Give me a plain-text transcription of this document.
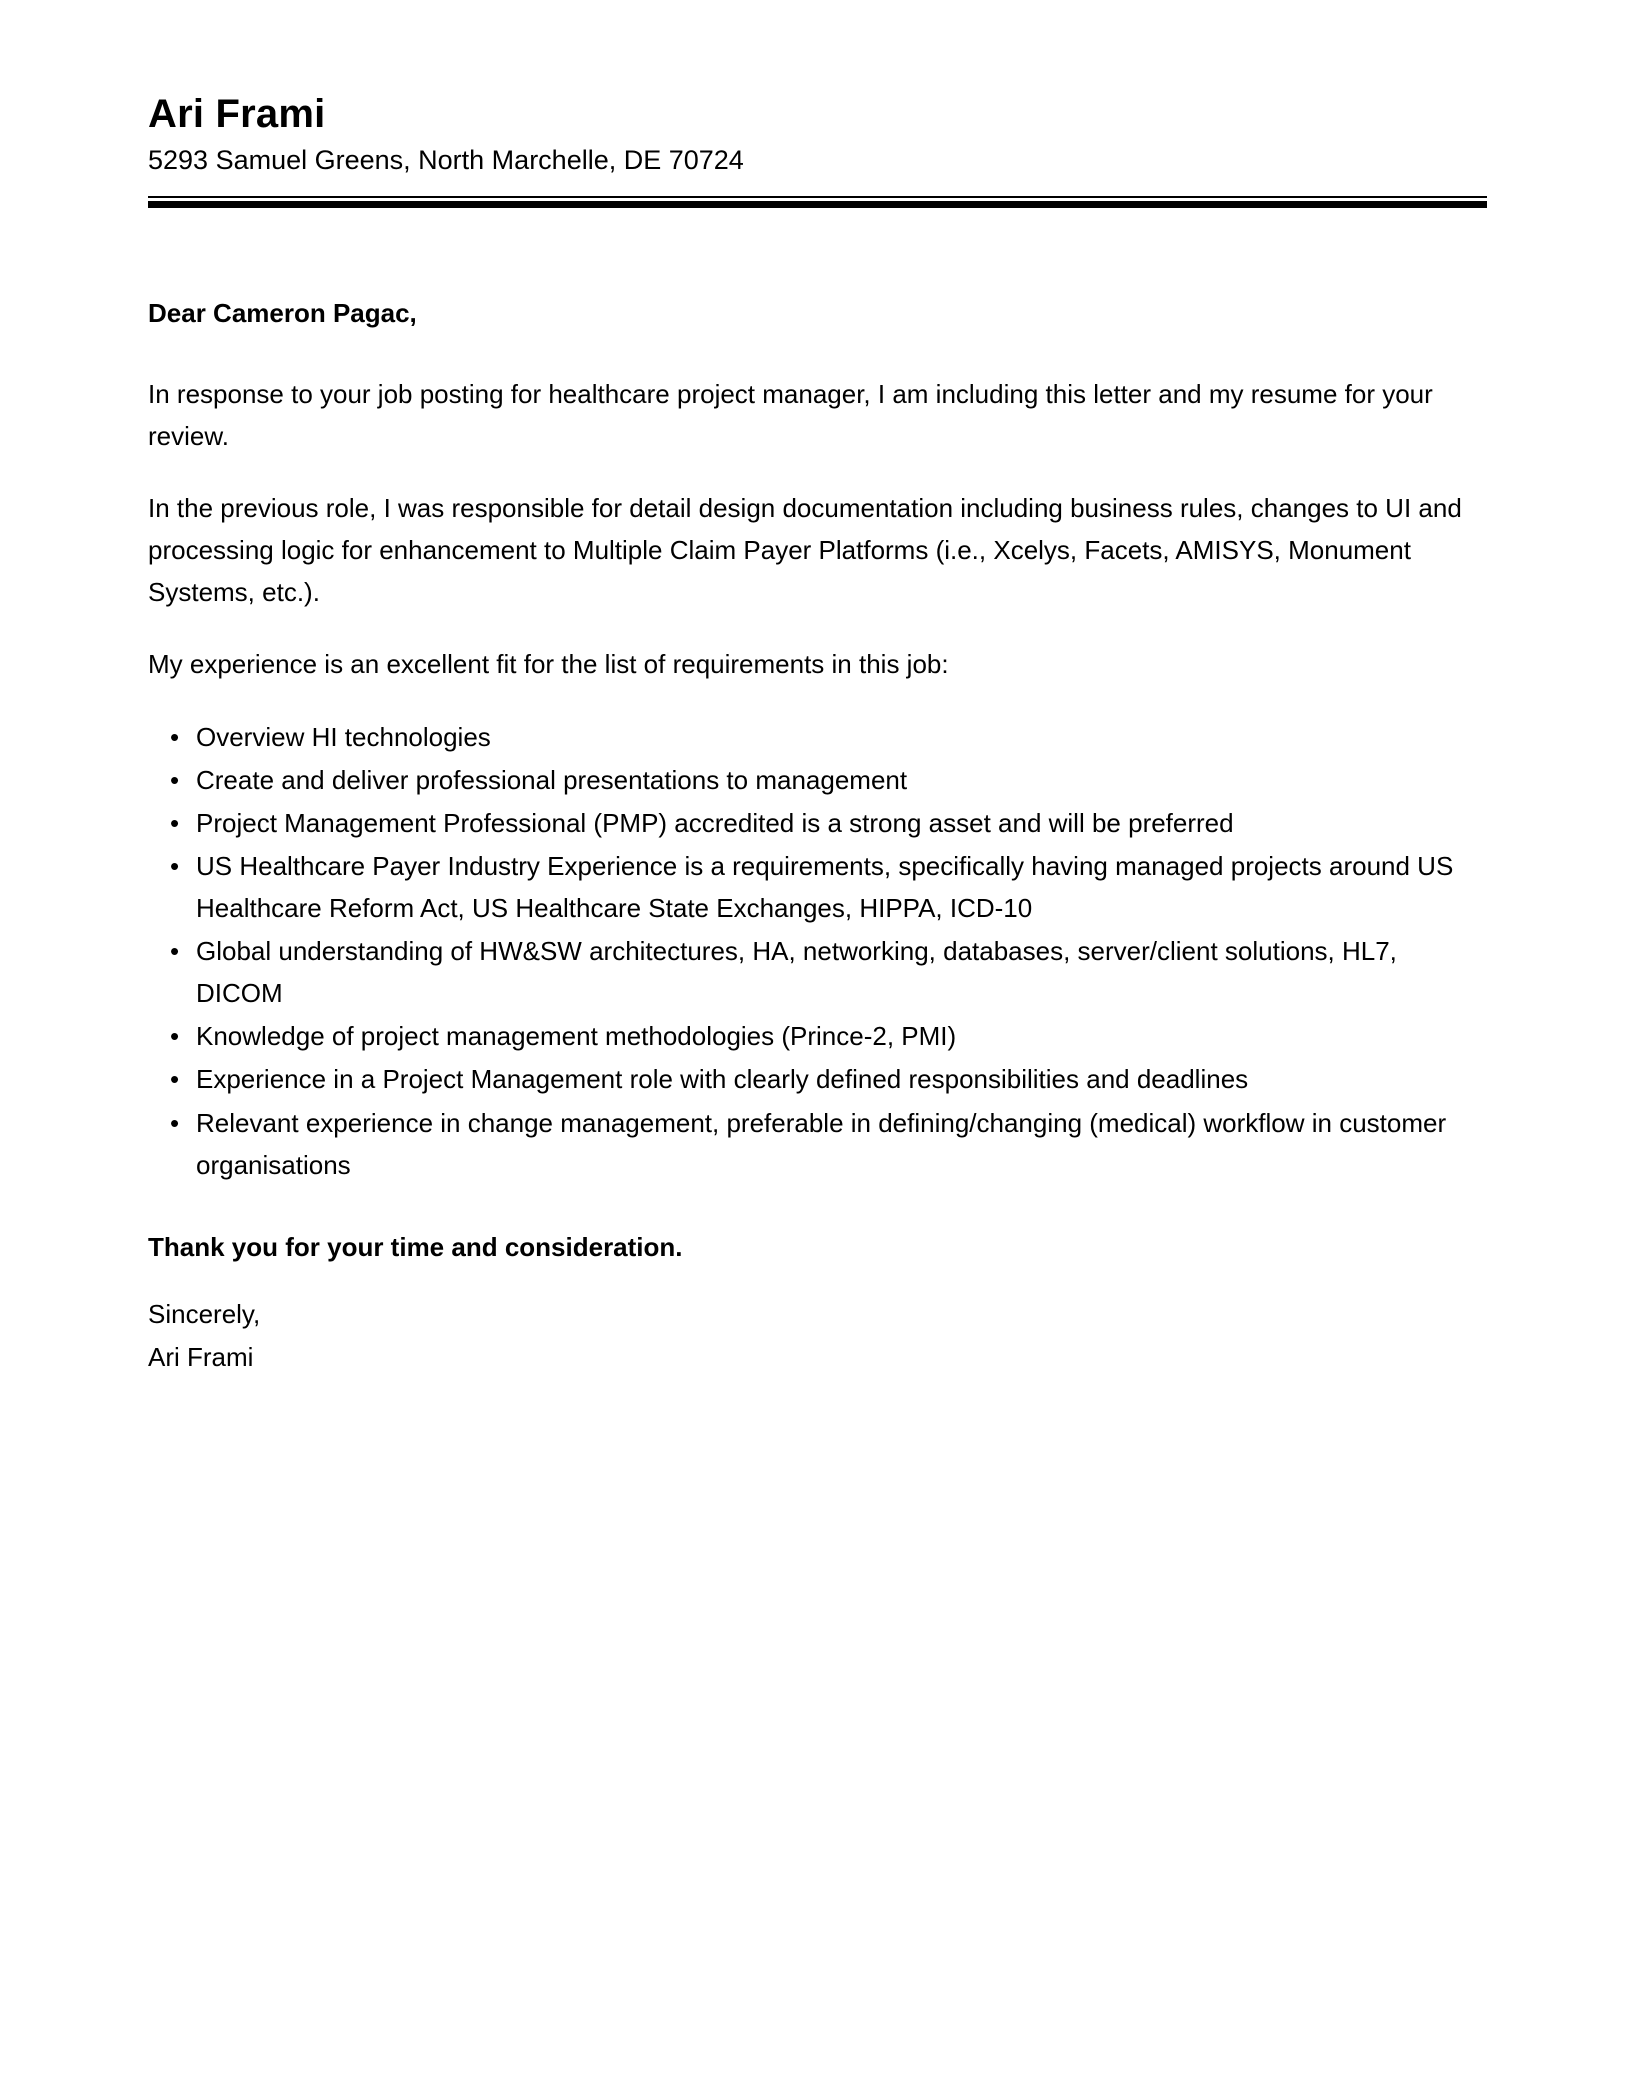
Ari Frami

5293 Samuel Greens, North Marchelle, DE 70724

Dear Cameron Pagac,

In response to your job posting for healthcare project manager, I am including this letter and my resume for your review.

In the previous role, I was responsible for detail design documentation including business rules, changes to UI and processing logic for enhancement to Multiple Claim Payer Platforms (i.e., Xcelys, Facets, AMISYS, Monument Systems, etc.).

My experience is an excellent fit for the list of requirements in this job:

• Overview HI technologies
• Create and deliver professional presentations to management
• Project Management Professional (PMP) accredited is a strong asset and will be preferred
• US Healthcare Payer Industry Experience is a requirements, specifically having managed projects around US Healthcare Reform Act, US Healthcare State Exchanges, HIPPA, ICD-10
• Global understanding of HW&SW architectures, HA, networking, databases, server/client solutions, HL7, DICOM
• Knowledge of project management methodologies (Prince-2, PMI)
• Experience in a Project Management role with clearly defined responsibilities and deadlines
• Relevant experience in change management, preferable in defining/changing (medical) workflow in customer organisations

Thank you for your time and consideration.

Sincerely,

Ari Frami
